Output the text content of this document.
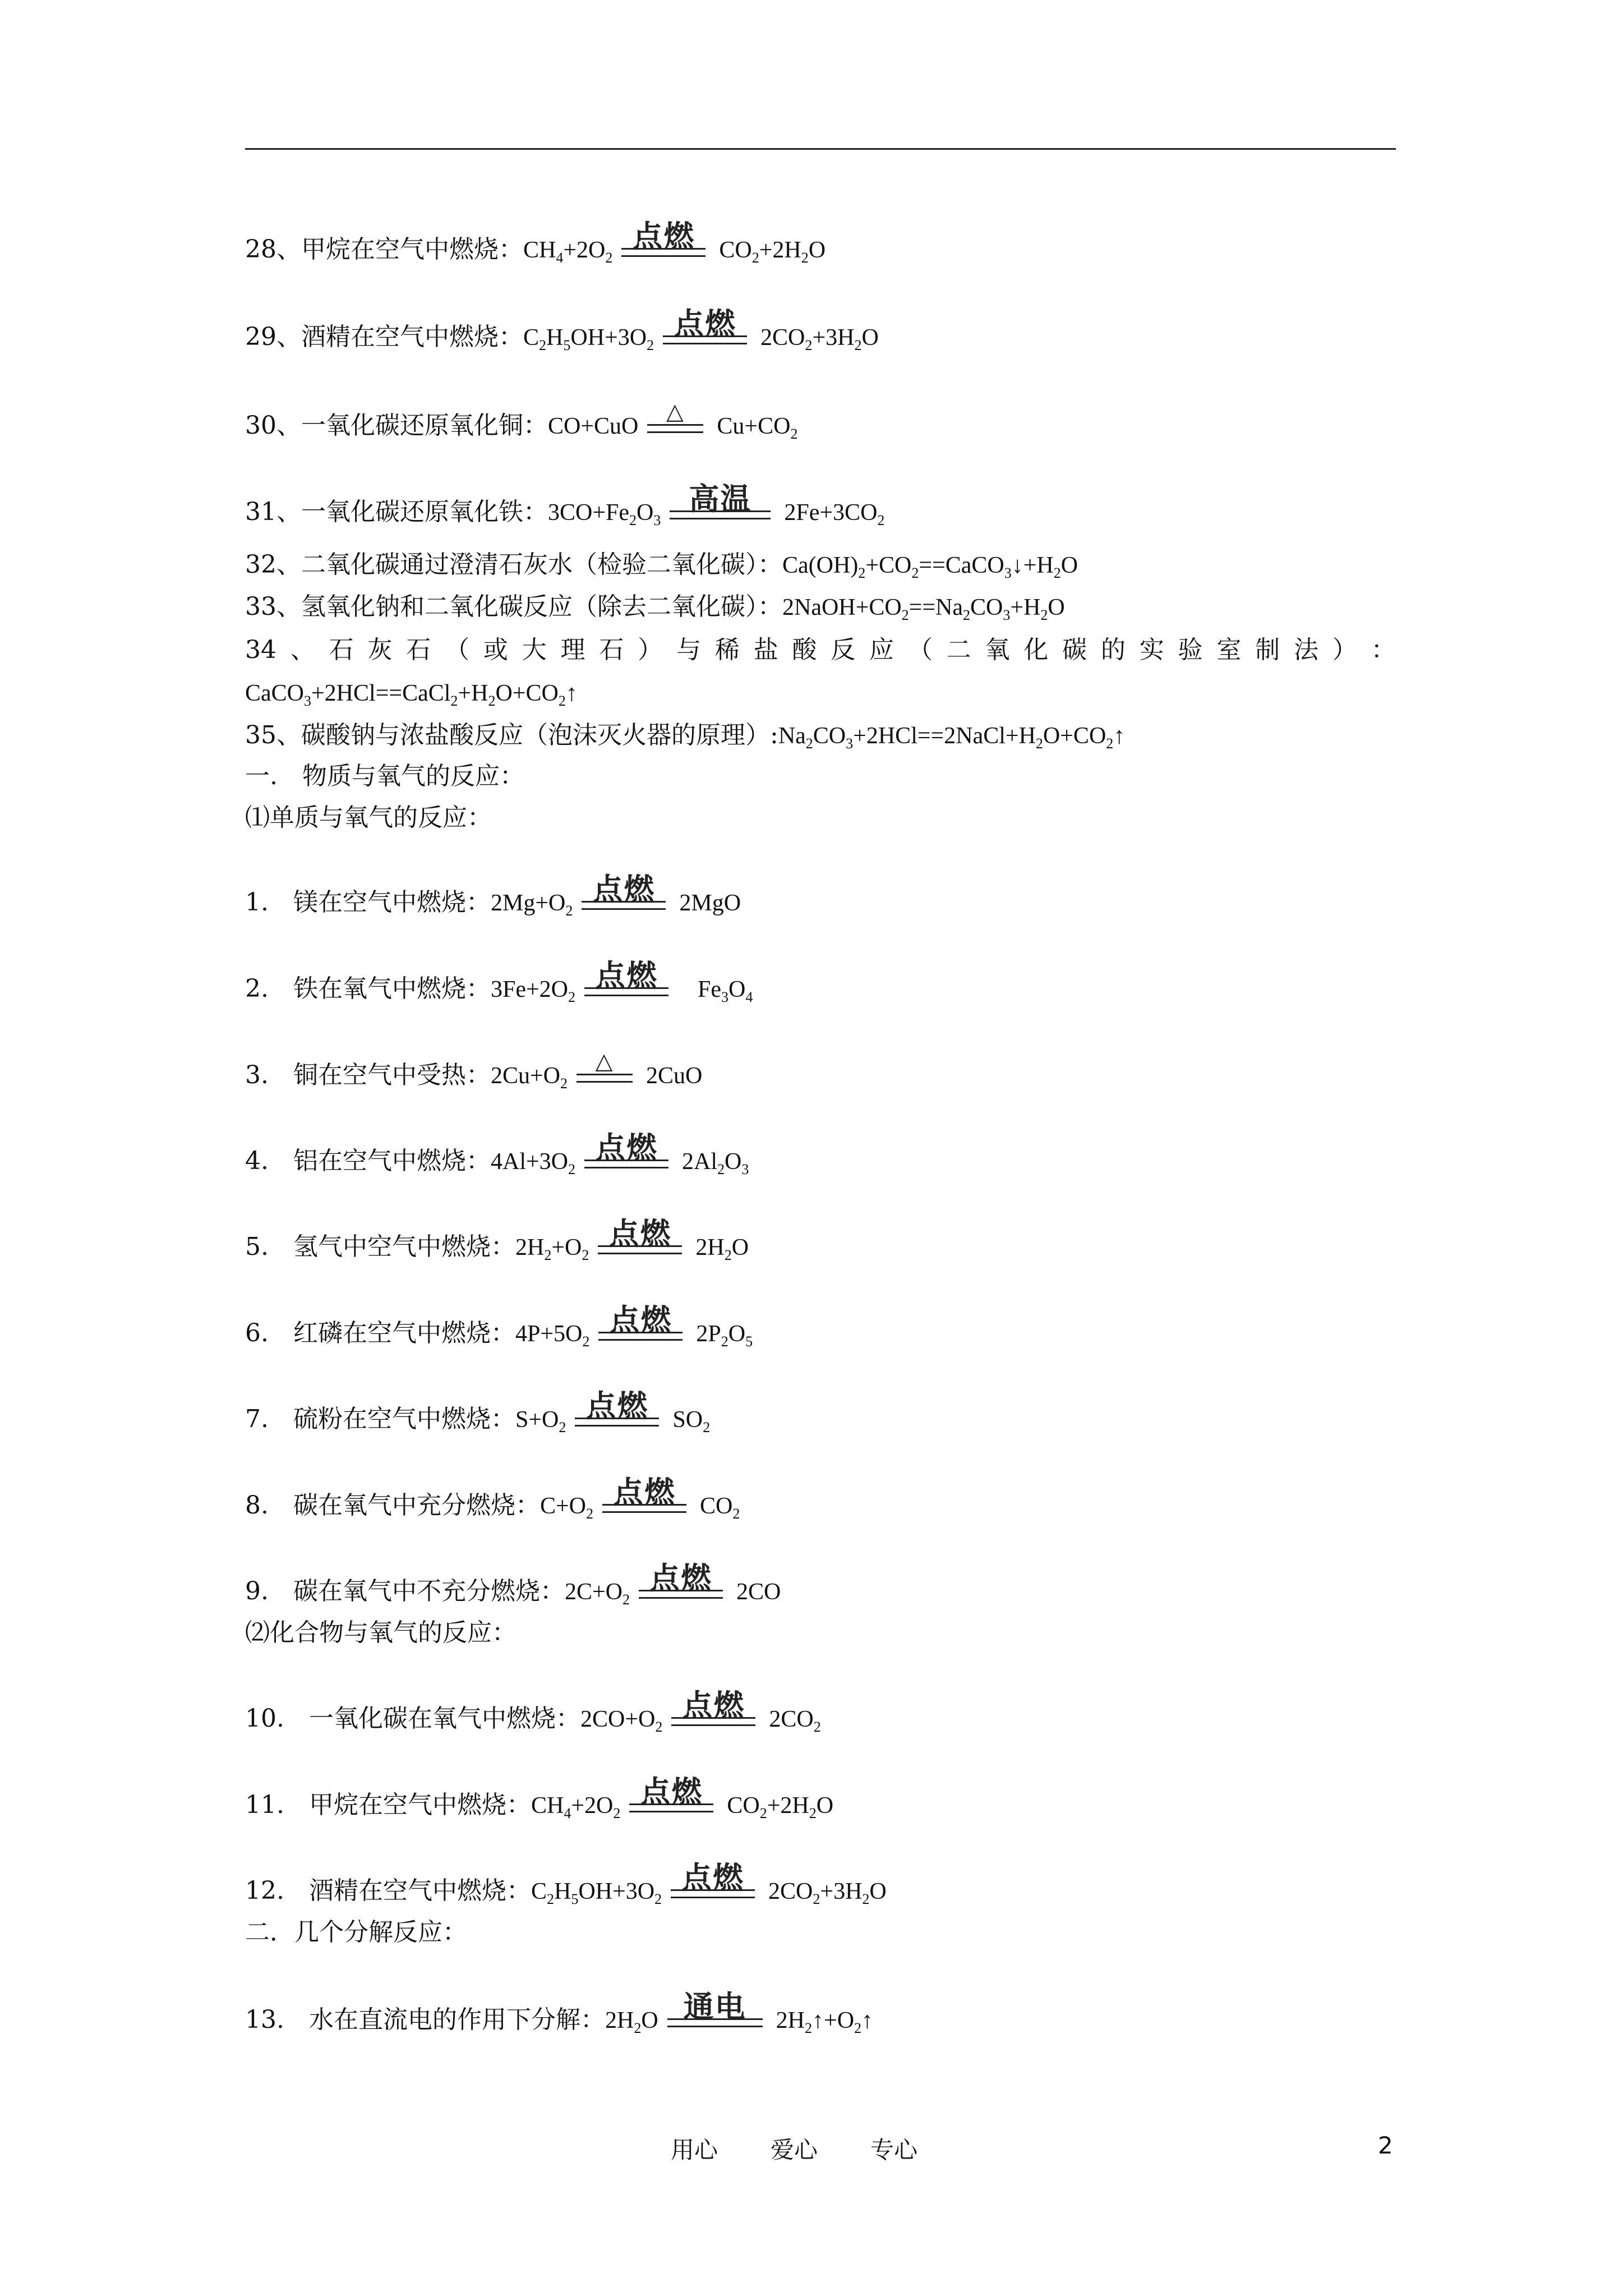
28、甲烷在空气中燃烧：$CH_4+2O_2$
点燃	$CO_2+2H_2O$
29、酒精在空气中燃烧：$C_2H_5OH+3O_2$
点燃	$2CO_2+3H_2O$
30、一氧化碳还原氧化铜：CO+CuO
△
$Cu+CO_2$
31、一氧化碳还原氧化铁：$3CO+Fe_2O_3$
高温	$2Fe+3CO_2$
32、二氧化碳通过澄清石灰水（检验二氧化碳）：$Ca(OH)_2+CO_2==CaCO_3↓+H_2O$
33、氢氧化钠和二氧化碳反应（除去二氧化碳）：$2NaOH+CO_2==Na_2CO_3+H_2O$
34 、 石 灰 石 （ 或 大 理 石 ） 与 稀 盐 酸 反 应 （ 二 氧 化 碳 的 实 验 室 制 法 ） ：
$CaCO_3+2HCl==CaCl_2+H_2O+CO_2↑$
35、碳酸钠与浓盐酸反应（泡沫灭火器的原理）$:Na_2CO_3+2HCl==2NaCl+H_2O+CO_2↑$
一.　物质与氧气的反应：
⑴单质与氧气的反应：
1.　镁在空气中燃烧：$2Mg+O_2$
点燃	2MgO
2.　铁在氧气中燃烧：$3Fe+2O_2$
点燃	$Fe_3O_4$
3.　铜在空气中受热：$2Cu+O_2$
△
2CuO
4.　铝在空气中燃烧：$4Al+3O_2$
点燃	$2Al_2O_3$
5.　氢气中空气中燃烧：$2H_2+O_2$
点燃	$2H_2O$
6.　红磷在空气中燃烧：$4P+5O_2$
点燃	$2P_2O_5$
7.　硫粉在空气中燃烧：$S+O_2$
点燃	$SO_2$
8.　碳在氧气中充分燃烧：$C+O_2$
点燃	$CO_2$
9.　碳在氧气中不充分燃烧：$2C+O_2$
点燃	2CO
⑵化合物与氧气的反应：
10.　一氧化碳在氧气中燃烧：$2CO+O_2$
点燃	$2CO_2$
11.　甲烷在空气中燃烧：$CH_4+2O_2$
点燃	$CO_2+2H_2O$
12.　酒精在空气中燃烧：$C_2H_5OH+3O_2$
点燃	$2CO_2+3H_2O$
二．几个分解反应：
13.　水在直流电的作用下分解：$2H_2O$ 通电	$2H_2↑+O_2↑$
用心 爱心 专心	2
